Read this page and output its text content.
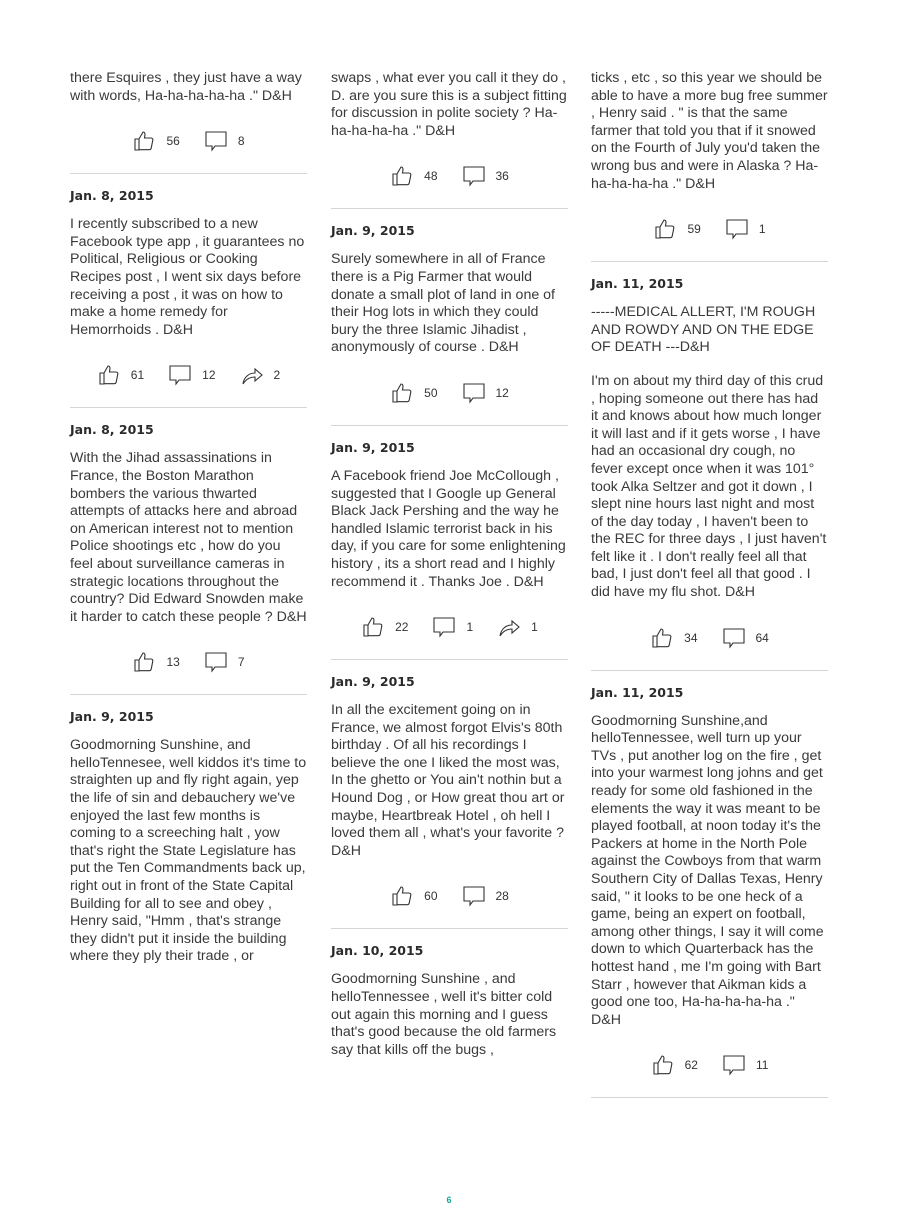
there Esquires , they just have a way with words, Ha-ha-ha-ha-ha ." D&H

56	8

Jan. 8, 2015

I recently subscribed to a new Facebook type app , it guarantees no Political, Religious or Cooking Recipes post , I went six days before receiving a post , it was on how to make a home remedy for Hemorrhoids . D&H

61	12	2

Jan. 8, 2015

With the Jihad assassinations in France, the Boston Marathon bombers the various thwarted attempts of attacks here and abroad on American interest not to mention Police shootings etc , how do you feel about surveillance cameras in strategic locations throughout the country? Did Edward Snowden make it harder to catch these people ? D&H

13	7

Jan. 9, 2015

Goodmorning Sunshine, and helloTennesee, well kiddos it's time to straighten up and fly right again, yep the life of sin and debauchery we've enjoyed the last few months is coming to a screeching halt , yow that's right the State Legislature has put the Ten Commandments back up, right out in front of the State Capital Building for all to see and obey , Henry said, "Hmm , that's strange they didn't put it inside the building where they ply their trade , or

swaps , what ever you call it they do , D. are you sure this is a subject fitting for discussion in polite society ? Ha-ha-ha-ha-ha ." D&H

48	36

Jan. 9, 2015

Surely somewhere in all of France there is a Pig Farmer that would donate a small plot of land in one of their Hog lots in which they could bury the three Islamic Jihadist , anonymously of course . D&H

50	12

Jan. 9, 2015

A Facebook friend Joe McCollough , suggested that I Google up General Black Jack Pershing and the way he handled Islamic terrorist back in his day, if you care for some enlightening history , its a short read and I highly recommend it . Thanks Joe . D&H

22	1	1

Jan. 9, 2015

In all the excitement going on in France, we almost forgot Elvis's 80th birthday . Of all his recordings I believe the one I liked the most was, In the ghetto or You ain't nothin but a Hound Dog , or How great thou art or maybe, Heartbreak Hotel , oh hell I loved them all , what's your favorite ? D&H

60	28

Jan. 10, 2015

Goodmorning Sunshine , and helloTennessee , well it's bitter cold out again this morning and I guess that's good because the old farmers say that kills off the bugs ,

ticks , etc , so this year we should be able to have a more bug free summer , Henry said . " is that the same farmer that told you that if it snowed on the Fourth of July you'd taken the wrong bus and were in Alaska ? Ha-ha-ha-ha-ha ." D&H

59	1

Jan. 11, 2015

-----MEDICAL ALLERT, I'M ROUGH AND ROWDY AND ON THE EDGE OF DEATH ---D&H

I'm on about my third day of this crud , hoping someone out there has had it and knows about how much longer it will last and if it gets worse , I have had an occasional dry cough, no fever except once when it was 101° took Alka Seltzer and got it down , I slept nine hours last night and most of the day today , I haven't been to the REC for three days , I just haven't felt like it . I don't really feel all that bad, I just don't feel all that good . I did have my flu shot. D&H

34	64

Jan. 11, 2015

Goodmorning Sunshine,and helloTennessee, well turn up your TVs , put another log on the fire , get into your warmest long johns and get ready for some old fashioned in the elements the way it was meant to be played football, at noon today it's the Packers at home in the North Pole against the Cowboys from that warm Southern City of Dallas Texas, Henry said, " it looks to be one heck of a game, being an expert on football, among other things, I say it will come down to which Quarterback has the hottest hand , me I'm going with Bart Starr , however that Aikman kids a good one too, Ha-ha-ha-ha-ha ." D&H

62	11
6
